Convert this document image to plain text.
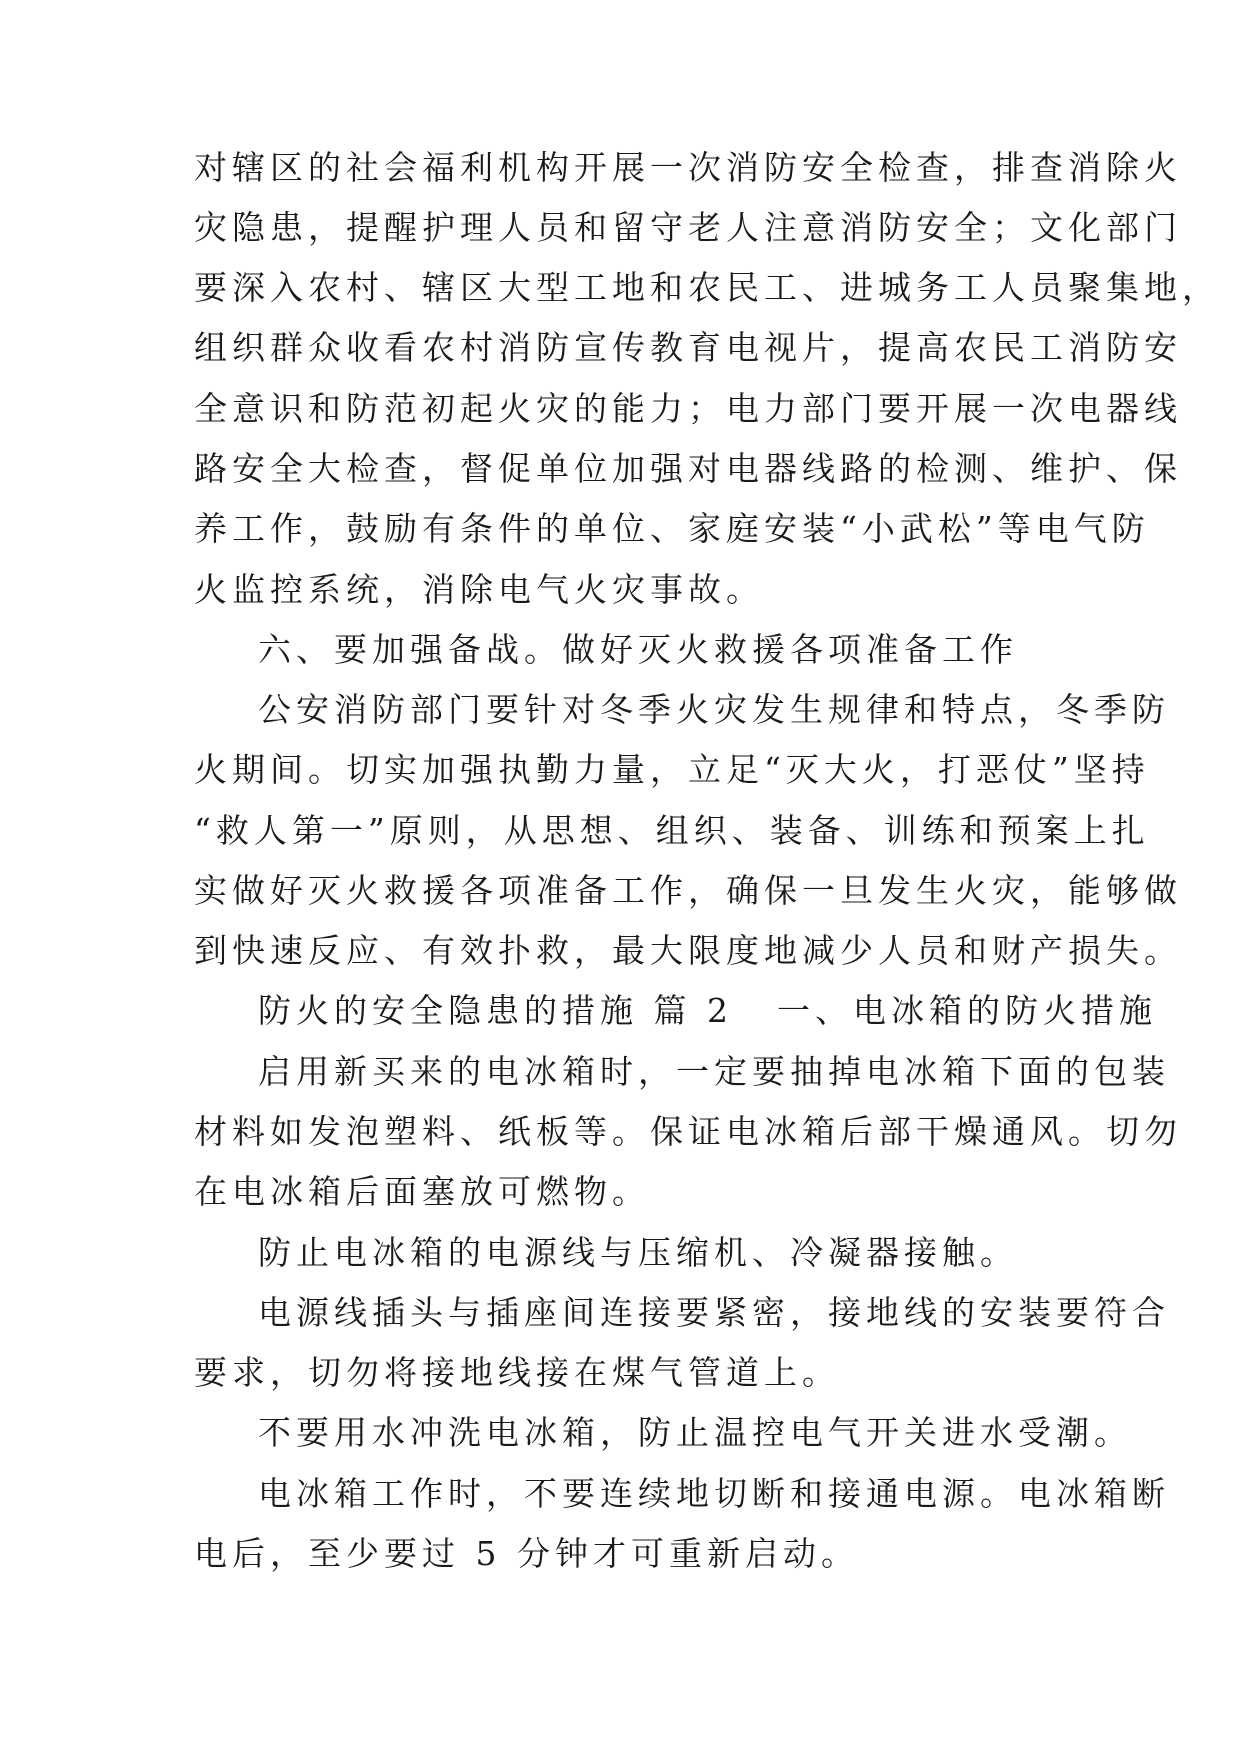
对辖区的社会福利机构开展一次消防安全检查，排查消除火
灾隐患，提醒护理人员和留守老人注意消防安全；文化部门
要深入农村、辖区大型工地和农民工、进城务工人员聚集地，
组织群众收看农村消防宣传教育电视片，提高农民工消防安
全意识和防范初起火灾的能力；电力部门要开展一次电器线
路安全大检查，督促单位加强对电器线路的检测、维护、保
养工作，鼓励有条件的单位、家庭安装“小武松”等电气防
火监控系统，消除电气火灾事故。
六、要加强备战。做好灭火救援各项准备工作
公安消防部门要针对冬季火灾发生规律和特点，冬季防
火期间。切实加强执勤力量，立足“灭大火，打恶仗”坚持
“救人第一”原则，从思想、组织、装备、训练和预案上扎
实做好灭火救援各项准备工作，确保一旦发生火灾，能够做
到快速反应、有效扑救，最大限度地减少人员和财产损失。
防火的安全隐患的措施 篇 2 一、电冰箱的防火措施
启用新买来的电冰箱时，一定要抽掉电冰箱下面的包装
材料如发泡塑料、纸板等。保证电冰箱后部干燥通风。切勿
在电冰箱后面塞放可燃物。
防止电冰箱的电源线与压缩机、冷凝器接触。
电源线插头与插座间连接要紧密，接地线的安装要符合
要求，切勿将接地线接在煤气管道上。
不要用水冲洗电冰箱，防止温控电气开关进水受潮。
电冰箱工作时，不要连续地切断和接通电源。电冰箱断
电后，至少要过 5 分钟才可重新启动。
